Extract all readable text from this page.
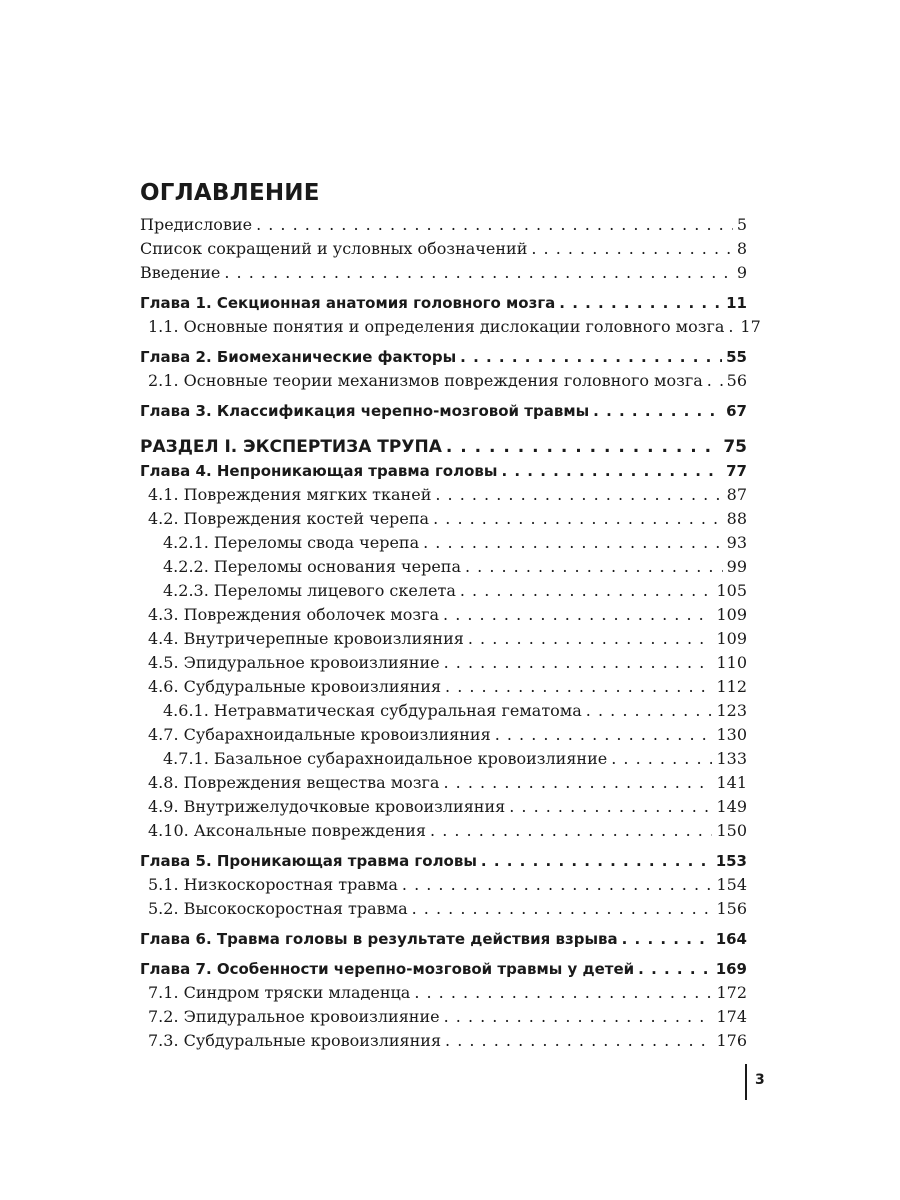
ОГЛАВЛЕНИЕ
Предисловие . . .	5
Список сокращений и условных обозначений . . .	8
Введение . . .	9
Глава 1. Секционная анатомия головного мозга . . .	11
1.1. Основные понятия и определения дислокации головного мозга . . . 17
Глава 2. Биомеханические факторы . . .	55
2.1. Основные теории механизмов повреждения головного мозга . . . 56
Глава 3. Классификация черепно-мозговой травмы . . .	67
РАЗДЕЛ I. ЭКСПЕРТИЗА ТРУПА . . .	75
Глава 4. Непроникающая травма головы . . .	77
4.1. Повреждения мягких тканей . . .	87
4.2. Повреждения костей черепа . . .	88
4.2.1. Переломы свода черепа . . .	93
4.2.2. Переломы основания черепа . . .	99
4.2.3. Переломы лицевого скелета . . .	105
4.3. Повреждения оболочек мозга . . .	109
4.4. Внутричерепные кровоизлияния . . .	109
4.5. Эпидуральное кровоизлияние . . .	110
4.6. Субдуральные кровоизлияния . . .	112
4.6.1. Нетравматическая субдуральная гематома . . .	123
4.7. Субарахноидальные кровоизлияния . . .	130
4.7.1. Базальное субарахноидальное кровоизлияние . . .	133
4.8. Повреждения вещества мозга . . .	141
4.9. Внутрижелудочковые кровоизлияния . . .	149
4.10. Аксональные повреждения . . .	150
Глава 5. Проникающая травма головы . . .	153
5.1. Низкоскоростная травма . . .	154
5.2. Высокоскоростная травма . . .	156
Глава 6. Травма головы в результате действия взрыва . . .	164
Глава 7. Особенности черепно-мозговой травмы у детей . . .	169
7.1. Синдром тряски младенца . . .	172
7.2. Эпидуральное кровоизлияние . . .	174
7.3. Субдуральные кровоизлияния . . .	176
3
